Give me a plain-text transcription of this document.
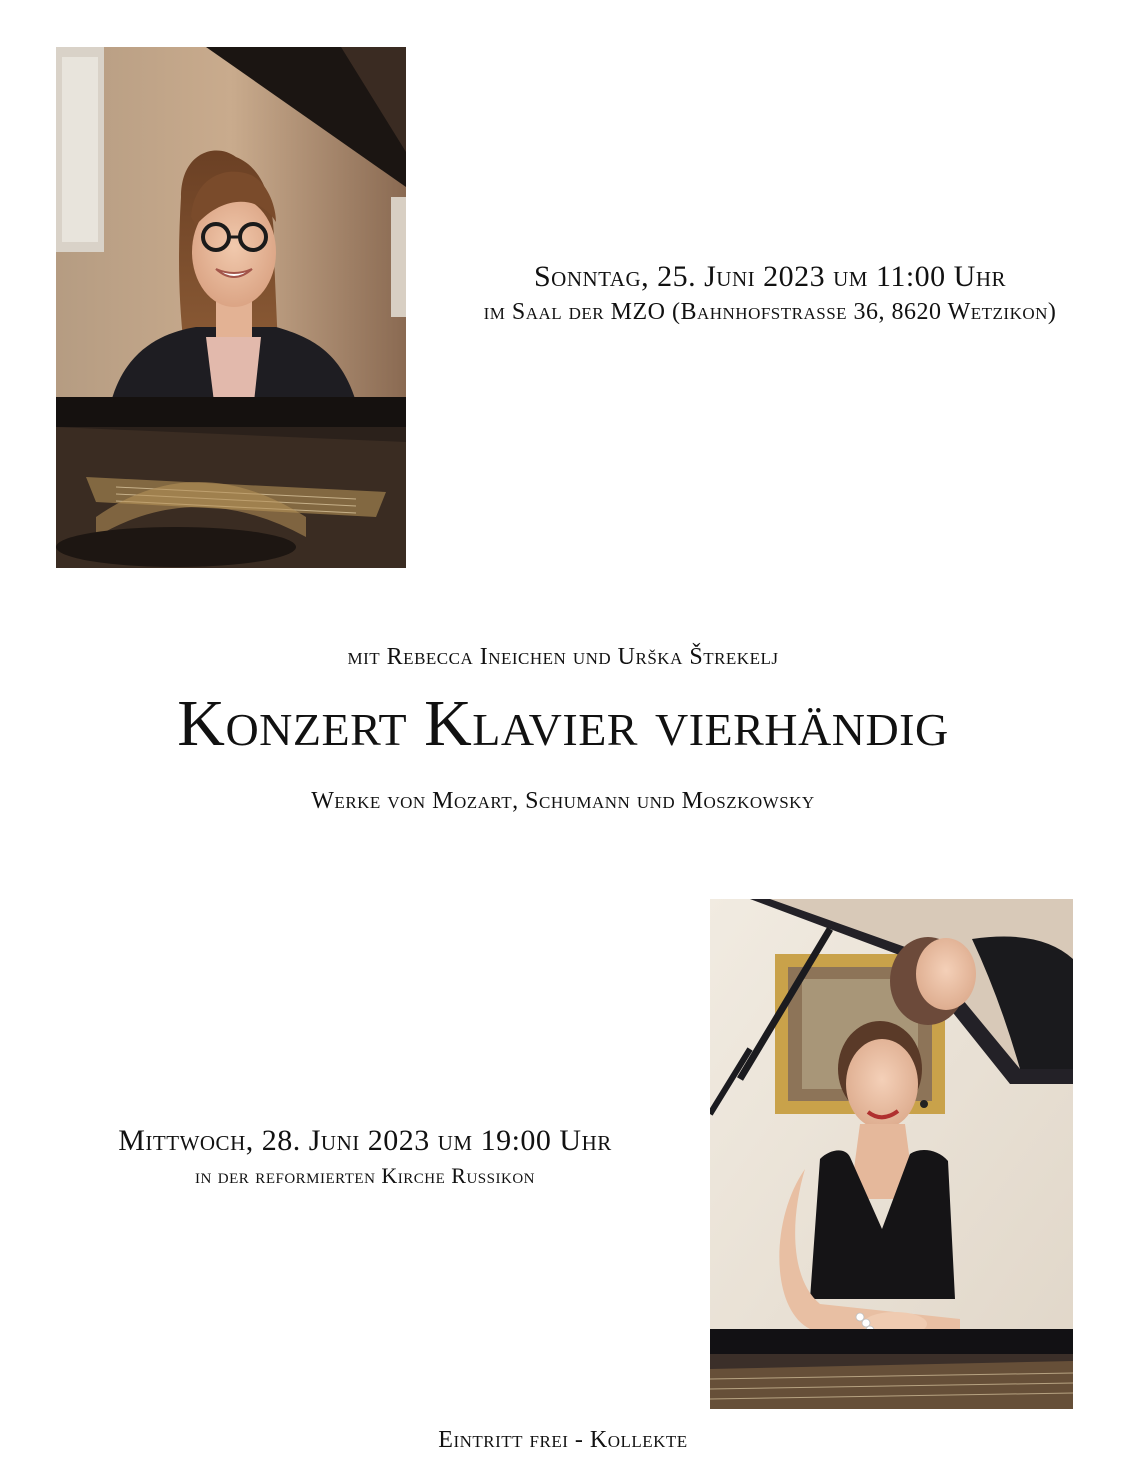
Sonntag, 25. Juni 2023 um 11:00 Uhr
im Saal der MZO (Bahnhofstrasse 36, 8620 Wetzikon)
mit Rebecca Ineichen und Urška Štrekelj
Konzert Klavier vierhändig
Werke von Mozart, Schumann und Moszkowsky
Mittwoch, 28. Juni 2023 um 19:00 Uhr
in der reformierten Kirche Russikon
Eintritt frei - Kollekte
